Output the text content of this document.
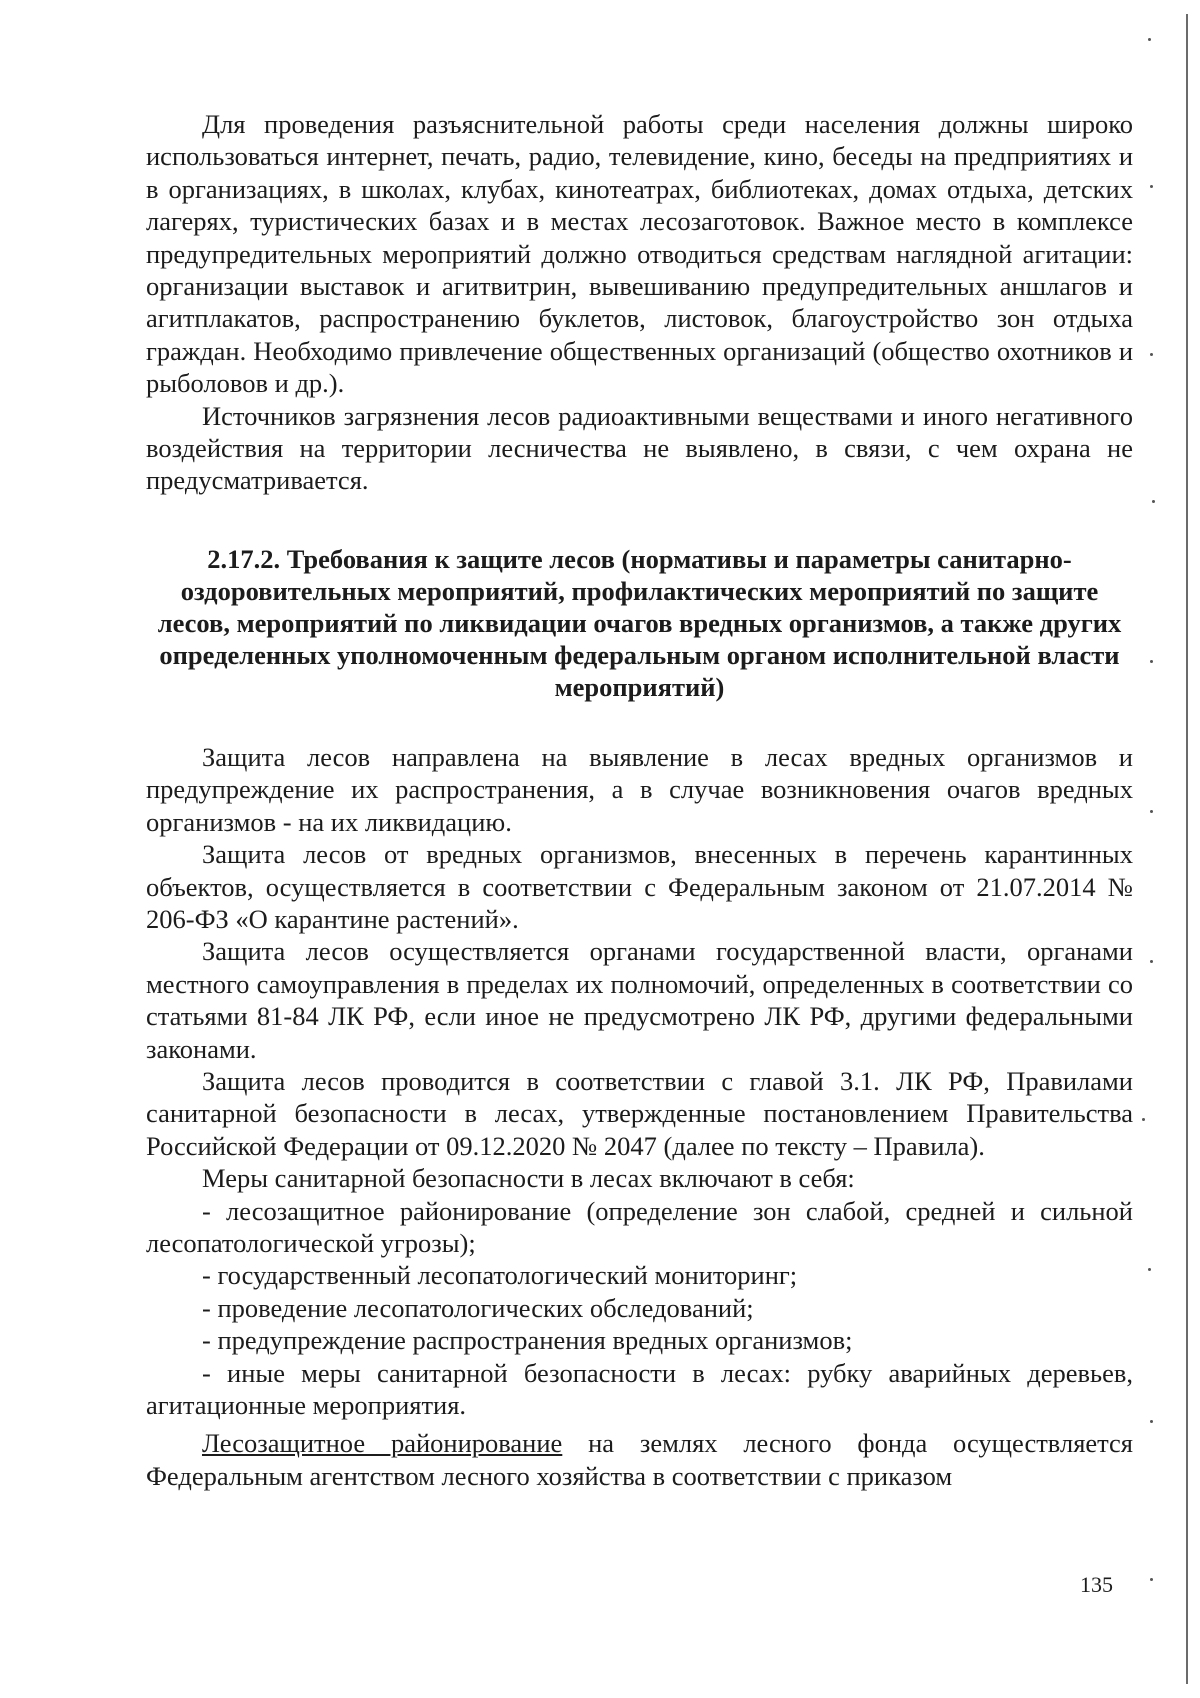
Для проведения разъяснительной работы среди населения должны широко использоваться интернет, печать, радио, телевидение, кино, беседы на предприятиях и в организациях, в школах, клубах, кинотеатрах, библиотеках, домах отдыха, детских лагерях, туристических базах и в местах лесозаготовок. Важное место в комплексе предупредительных мероприятий должно отводиться средствам наглядной агитации: организации выставок и агитвитрин, вывешиванию предупредительных аншлагов и агитплакатов, распространению буклетов, листовок, благоустройство зон отдыха граждан. Необходимо привлечение общественных организаций (общество охотников и рыболовов и др.).

Источников загрязнения лесов радиоактивными веществами и иного негативного воздействия на территории лесничества не выявлено, в связи, с чем охрана не предусматривается.

2.17.2. Требования к защите лесов (нормативы и параметры санитарно-оздоровительных мероприятий, профилактических мероприятий по защите лесов, мероприятий по ликвидации очагов вредных организмов, а также других определенных уполномоченным федеральным органом исполнительной власти мероприятий)

Защита лесов направлена на выявление в лесах вредных организмов и предупреждение их распространения, а в случае возникновения очагов вредных организмов - на их ликвидацию.

Защита лесов от вредных организмов, внесенных в перечень карантинных объектов, осуществляется в соответствии с Федеральным законом от 21.07.2014 № 206-ФЗ «О карантине растений».

Защита лесов осуществляется органами государственной власти, органами местного самоуправления в пределах их полномочий, определенных в соответствии со статьями 81-84 ЛК РФ, если иное не предусмотрено ЛК РФ, другими федеральными законами.

Защита лесов проводится в соответствии с главой 3.1. ЛК РФ, Правилами санитарной безопасности в лесах, утвержденные постановлением Правительства Российской Федерации от 09.12.2020 № 2047 (далее по тексту – Правила).

Меры санитарной безопасности в лесах включают в себя:

- лесозащитное районирование (определение зон слабой, средней и сильной лесопатологической угрозы);

- государственный лесопатологический мониторинг;

- проведение лесопатологических обследований;

- предупреждение распространения вредных организмов;

- иные меры санитарной безопасности в лесах: рубку аварийных деревьев, агитационные мероприятия.

Лесозащитное районирование на землях лесного фонда осуществляется Федеральным агентством лесного хозяйства в соответствии с приказом

135
